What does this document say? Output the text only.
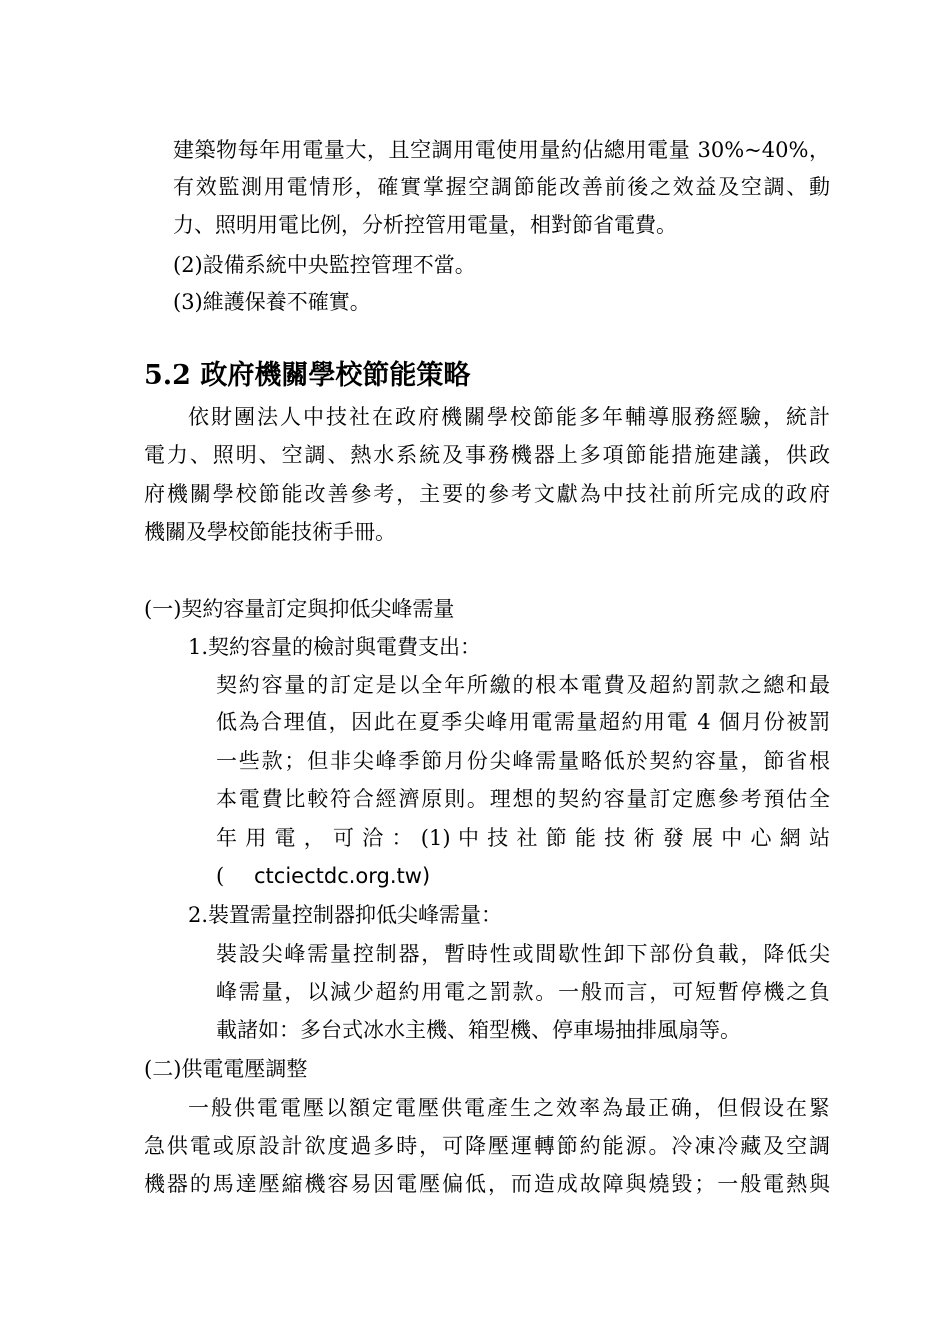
建築物每年用電量大，且空調用電使用量約佔總用電量 30%~40%，
有效監測用電情形，確實掌握空調節能改善前後之效益及空調、動
力、照明用電比例，分析控管用電量，相對節省電費。
(2)設備系統中央監控管理不當。
(3)維護保養不確實。
5.2 政府機關學校節能策略
依財團法人中技社在政府機關學校節能多年輔導服務經驗，統計
電力、照明、空調、熱水系統及事務機器上多項節能措施建議，供政
府機關學校節能改善參考，主要的參考文獻為中技社前所完成的政府
機關及學校節能技術手冊。
(一)契約容量訂定與抑低尖峰需量
1.契約容量的檢討與電費支出：
契約容量的訂定是以全年所繳的根本電費及超約罰款之總和最
低為合理值，因此在夏季尖峰用電需量超約用電 4 個月份被罰
一些款；但非尖峰季節月份尖峰需量略低於契約容量，節省根
本電費比較符合經濟原則。理想的契約容量訂定應參考預估全
年 用 電 ， 可 洽 ： (1) 中 技 社 節 能 技 術 發 展 中 心 網 站
( ctciectdc.org.tw)
2.裝置需量控制器抑低尖峰需量：
裝設尖峰需量控制器，暫時性或間歇性卸下部份負載，降低尖
峰需量，以減少超約用電之罰款。一般而言，可短暫停機之負
載諸如：多台式冰水主機、箱型機、停車場抽排風扇等。
(二)供電電壓調整
一般供電電壓以額定電壓供電產生之效率為最正确，但假设在緊
急供電或原設計欲度過多時，可降壓運轉節約能源。冷凍冷藏及空調
機器的馬達壓縮機容易因電壓偏低，而造成故障與燒毀；一般電熱與
